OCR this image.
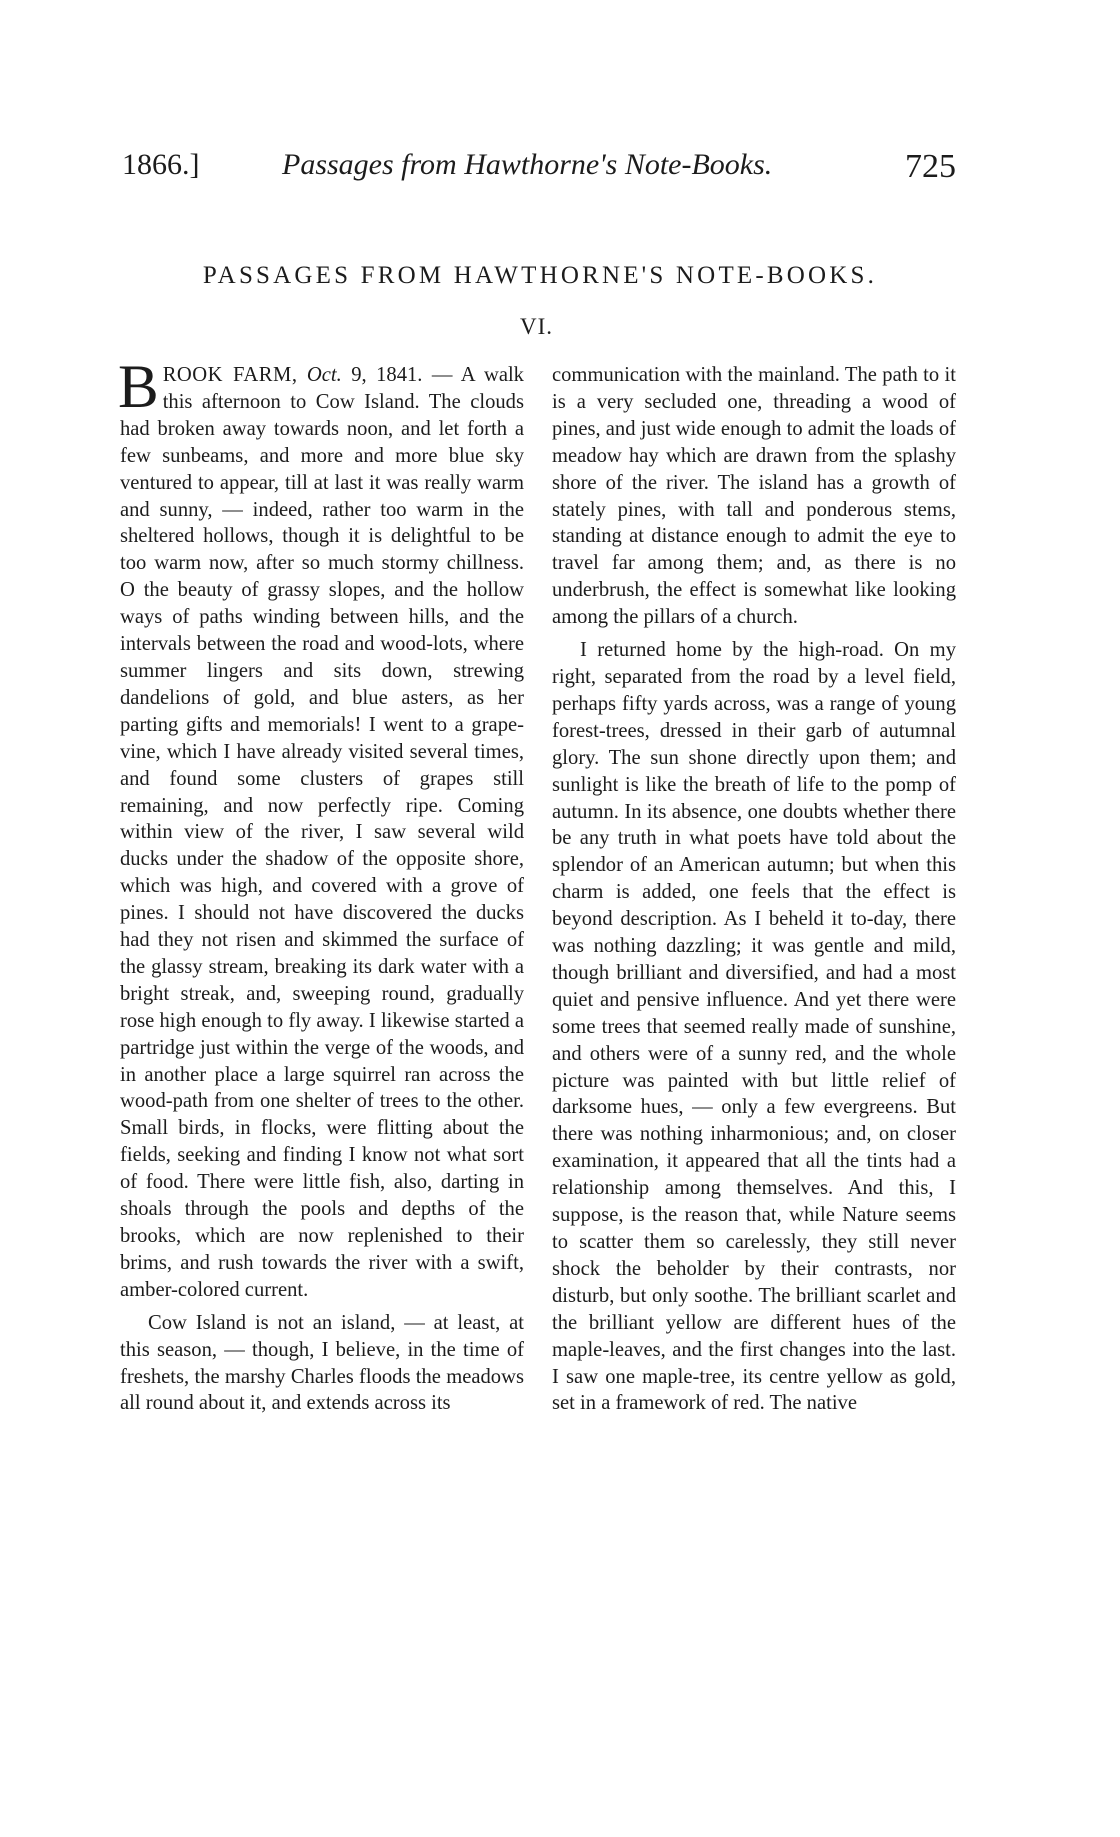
1866.]	Passages from Hawthorne's Note-Books.	725
PASSAGES FROM HAWTHORNE'S NOTE-BOOKS.
VI.

BROOK FARM, Oct. 9, 1841. — A walk this afternoon to Cow Island. The clouds had broken away towards noon, and let forth a few sunbeams, and more and more blue sky ventured to appear, till at last it was really warm and sunny, — indeed, rather too warm in the sheltered hollows, though it is delightful to be too warm now, after so much stormy chillness. O the beauty of grassy slopes, and the hollow ways of paths winding between hills, and the intervals between the road and wood-lots, where summer lingers and sits down, strewing dandelions of gold, and blue asters, as her parting gifts and memorials! I went to a grape-vine, which I have already visited several times, and found some clusters of grapes still remaining, and now perfectly ripe. Coming within view of the river, I saw several wild ducks under the shadow of the opposite shore, which was high, and covered with a grove of pines. I should not have discovered the ducks had they not risen and skimmed the surface of the glassy stream, breaking its dark water with a bright streak, and, sweeping round, gradually rose high enough to fly away. I likewise started a partridge just within the verge of the woods, and in another place a large squirrel ran across the wood-path from one shelter of trees to the other. Small birds, in flocks, were flitting about the fields, seeking and finding I know not what sort of food. There were little fish, also, darting in shoals through the pools and depths of the brooks, which are now replenished to their brims, and rush towards the river with a swift, amber-colored current.

Cow Island is not an island, — at least, at this season, — though, I believe, in the time of freshets, the marshy Charles floods the meadows all round about it, and extends across its

communication with the mainland. The path to it is a very secluded one, threading a wood of pines, and just wide enough to admit the loads of meadow hay which are drawn from the splashy shore of the river. The island has a growth of stately pines, with tall and ponderous stems, standing at distance enough to admit the eye to travel far among them; and, as there is no underbrush, the effect is somewhat like looking among the pillars of a church.

I returned home by the high-road. On my right, separated from the road by a level field, perhaps fifty yards across, was a range of young forest-trees, dressed in their garb of autumnal glory. The sun shone directly upon them; and sunlight is like the breath of life to the pomp of autumn. In its absence, one doubts whether there be any truth in what poets have told about the splendor of an American autumn; but when this charm is added, one feels that the effect is beyond description. As I beheld it to-day, there was nothing dazzling; it was gentle and mild, though brilliant and diversified, and had a most quiet and pensive influence. And yet there were some trees that seemed really made of sunshine, and others were of a sunny red, and the whole picture was painted with but little relief of darksome hues, — only a few evergreens. But there was nothing inharmonious; and, on closer examination, it appeared that all the tints had a relationship among themselves. And this, I suppose, is the reason that, while Nature seems to scatter them so carelessly, they still never shock the beholder by their contrasts, nor disturb, but only soothe. The brilliant scarlet and the brilliant yellow are different hues of the maple-leaves, and the first changes into the last. I saw one maple-tree, its centre yellow as gold, set in a framework of red. The native
